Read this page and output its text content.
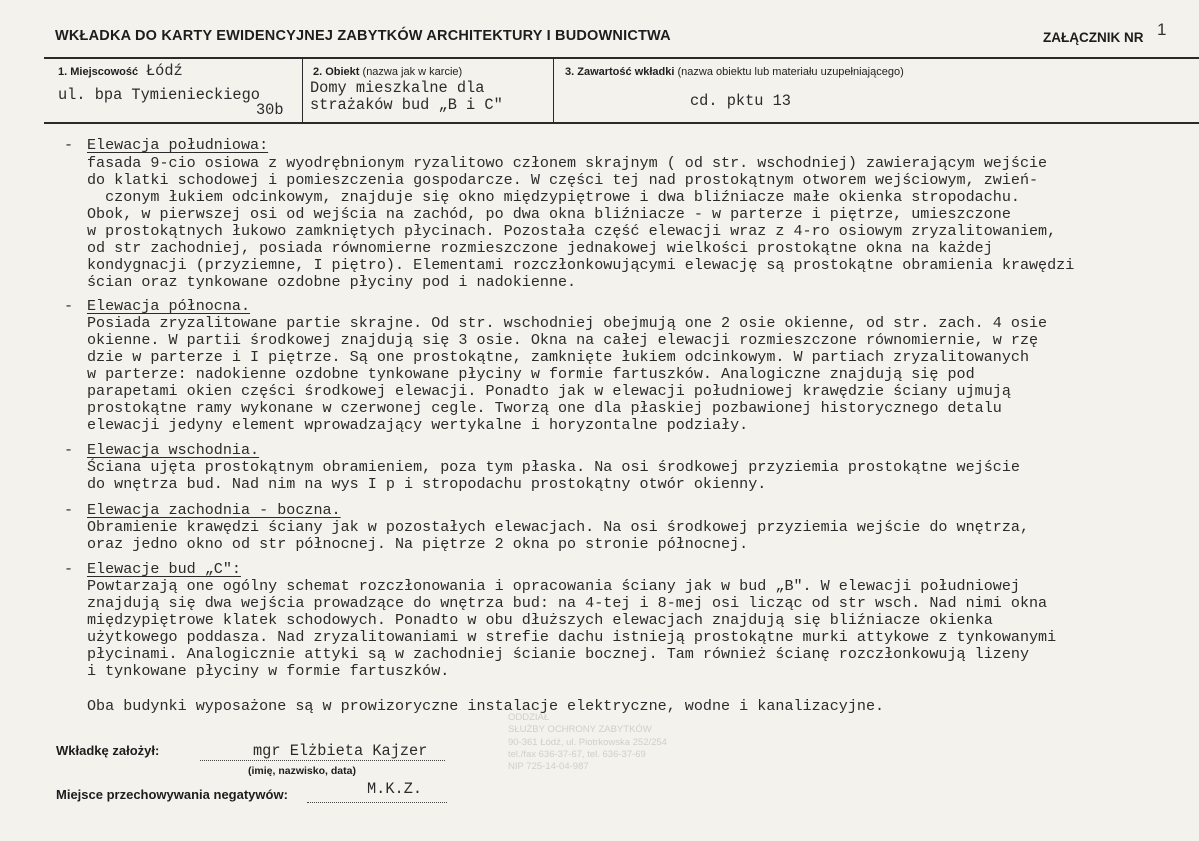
WKŁADKA DO KARTY EWIDENCYJNEJ ZABYTKÓW ARCHITEKTURY I BUDOWNICTWA	ZAŁĄCZNIK NR 1
1. Miejscowość Łódź
ul. bpa Tymienieckiego
30b
2. Obiekt (nazwa jak w karcie)
Domy mieszkalne dla
strażaków bud „B i C"
3. Zawartość wkładki (nazwa obiektu lub materiału uzupełniającego)
cd. pktu 13
- Elewacja południowa:
fasada 9-cio osiowa z wyodrębnionym ryzalitowo członem skrajnym ( od str. wschodniej) zawierającym wejście
do klatki schodowej i pomieszczenia gospodarcze. W części tej nad prostokątnym otworem wejściowym, zwień-
czonym łukiem odcinkowym, znajduje się okno międzypiętrowe i dwa bliźniacze małe okienka stropodachu.
Obok, w pierwszej osi od wejścia na zachód, po dwa okna bliźniacze - w parterze i piętrze, umieszczone
w prostokątnych łukowo zamkniętych płycinach. Pozostała część elewacji wraz z 4-ro osiowym zryzalitowaniem,
od str zachodniej, posiada równomierne rozmieszczone jednakowej wielkości prostokątne okna na każdej
kondygnacji (przyziemne, I piętro). Elementami rozczłonkowującymi elewację są prostokątne obramienia krawędzi
ścian oraz tynkowane ozdobne płyciny pod i nadokienne.
- Elewacja północna.
Posiada zryzalitowane partie skrajne. Od str. wschodniej obejmują one 2 osie okienne, od str. zach. 4 osie
okienne. W partii środkowej znajdują się 3 osie. Okna na całej elewacji rozmieszczone równomiernie, w rzę
dzie w parterze i I piętrze. Są one prostokątne, zamknięte łukiem odcinkowym. W partiach zryzalitowanych
w parterze: nadokienne ozdobne tynkowane płyciny w formie fartuszków. Analogiczne znajdują się pod
parapetami okien części środkowej elewacji. Ponadto jak w elewacji południowej krawędzie ściany ujmują
prostokątne ramy wykonane w czerwonej cegle. Tworzą one dla płaskiej pozbawionej historycznego detalu
elewacji jedyny element wprowadzający wertykalne i horyzontalne podziały.
- Elewacja wschodnia.
Ściana ujęta prostokątnym obramieniem, poza tym płaska. Na osi środkowej przyziemia prostokątne wejście
do wnętrza bud. Nad nim na wys I p i stropodachu prostokątny otwór okienny.
- Elewacja zachodnia - boczna.
Obramienie krawędzi ściany jak w pozostałych elewacjach. Na osi środkowej przyziemia wejście do wnętrza,
oraz jedno okno od str północnej. Na piętrze 2 okna po stronie północnej.
- Elewacje bud „C":
Powtarzają one ogólny schemat rozczłonowania i opracowania ściany jak w bud „B". W elewacji południowej
znajdują się dwa wejścia prowadzące do wnętrza bud: na 4-tej i 8-mej osi licząc od str wsch. Nad nimi okna
międzypiętrowe klatek schodowych. Ponadto w obu dłuższych elewacjach znajdują się bliźniacze okienka
użytkowego poddasza. Nad zryzalitowaniami w strefie dachu istnieją prostokątne murki attykowe z tynkowanymi
płycinami. Analogicznie attyki są w zachodniej ścianie bocznej. Tam również ścianę rozczłonkowują lizeny
i tynkowane płyciny w formie fartuszków.
Oba budynki wyposażone są w prowizoryczne instalacje elektryczne, wodne i kanalizacyjne.
ODDZIAŁ
SŁUŻBY OCHRONY ZABYTKÓW
90-361 Łódź, ul. Piotrkowska 252/254
tel./fax 636-37-67, tel. 636-37-69
NIP 725-14-04-987
Wkładkę założył:	mgr Elżbieta Kajzer
(imię, nazwisko, data)
Miejsce przechowywania negatywów:	M.K.Z.
